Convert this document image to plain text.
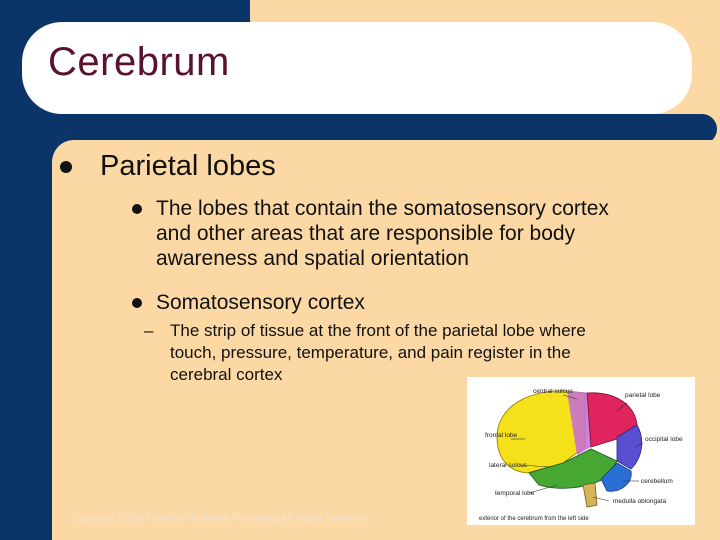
Cerebrum
Parietal lobes
The lobes that contain the somatosensory cortex
and other areas that are responsible for body
awareness and spatial orientation
Somatosensory cortex
– The strip of tissue at the front of the parietal lobe where
touch, pressure, temperature, and pain register in the
cerebral cortex
central sulcus
parietal lobe
frontal lobe
occipital lobe
lateral sulcus
cerebellum
temporal lobe
medulla oblongata
exterior of the cerebrum from the left side
Copyright © 2007 Horizon Textbook Publishing All Rights Reserved
